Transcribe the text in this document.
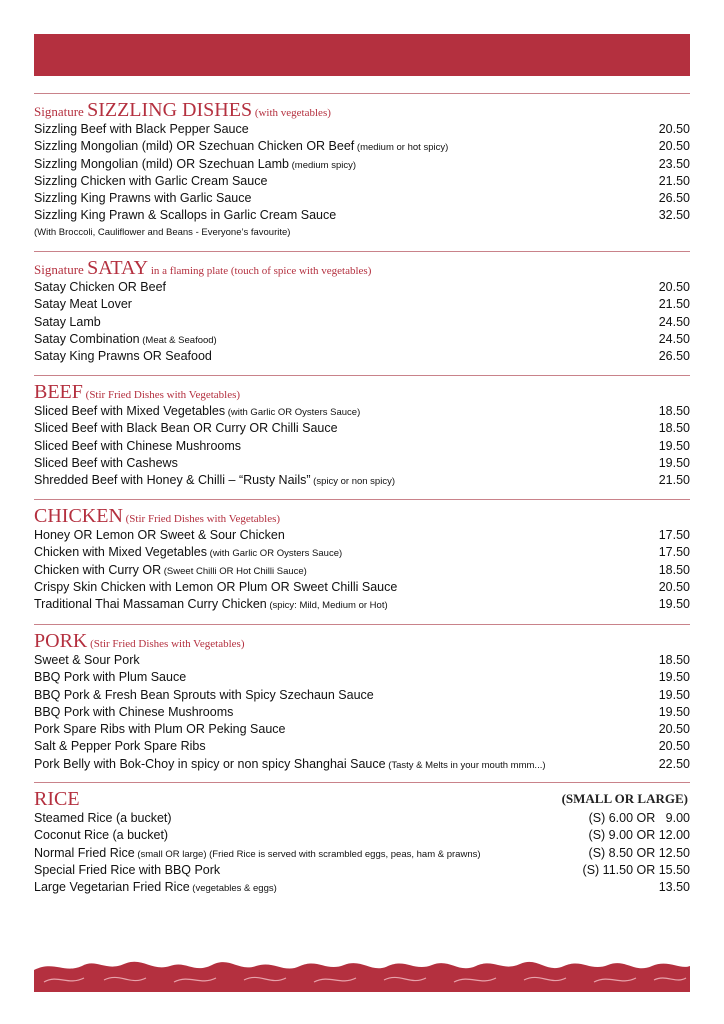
Signature SIZZLING DISHES (with vegetables)
Sizzling Beef with Black Pepper Sauce	20.50
Sizzling Mongolian (mild) OR Szechuan Chicken OR Beef (medium or hot spicy)	20.50
Sizzling Mongolian (mild) OR Szechuan Lamb (medium spicy)	23.50
Sizzling Chicken with Garlic Cream Sauce	21.50
Sizzling King Prawns with Garlic Sauce	26.50
Sizzling King Prawn & Scallops in Garlic Cream Sauce	32.50
(With Broccoli, Cauliflower and Beans - Everyone’s favourite)
Signature SATAY in a flaming plate (touch of spice with vegetables)
Satay Chicken OR Beef	20.50
Satay Meat Lover	21.50
Satay Lamb	24.50
Satay Combination (Meat & Seafood)	24.50
Satay King Prawns OR Seafood	26.50
BEEF (Stir Fried Dishes with Vegetables)
Sliced Beef with Mixed Vegetables (with Garlic OR Oysters Sauce)	18.50
Sliced Beef with Black Bean OR Curry OR Chilli Sauce	18.50
Sliced Beef with Chinese Mushrooms	19.50
Sliced Beef with Cashews	19.50
Shredded Beef with Honey & Chilli – “Rusty Nails” (spicy or non spicy)	21.50
CHICKEN (Stir Fried Dishes with Vegetables)
Honey OR Lemon OR Sweet & Sour Chicken	17.50
Chicken with Mixed Vegetables (with Garlic OR Oysters Sauce)	17.50
Chicken with Curry OR (Sweet Chilli OR Hot Chilli Sauce)	18.50
Crispy Skin Chicken with Lemon OR Plum OR Sweet Chilli Sauce	20.50
Traditional Thai Massaman Curry Chicken (spicy: Mild, Medium or Hot)	19.50
PORK (Stir Fried Dishes with Vegetables)
Sweet & Sour Pork	18.50
BBQ Pork with Plum Sauce	19.50
BBQ Pork & Fresh Bean Sprouts with Spicy Szechaun Sauce	19.50
BBQ Pork with Chinese Mushrooms	19.50
Pork Spare Ribs with Plum OR Peking Sauce	20.50
Salt & Pepper Pork Spare Ribs	20.50
Pork Belly with Bok-Choy in spicy or non spicy Shanghai Sauce (Tasty & Melts in your mouth mmm...)	22.50
RICE	(SMALL OR LARGE)
Steamed Rice (a bucket)	(S) 6.00 OR   9.00
Coconut Rice (a bucket)	(S) 9.00 OR 12.00
Normal Fried Rice (small OR large) (Fried Rice is served with scrambled eggs, peas, ham & prawns)	(S) 8.50 OR 12.50
Special Fried Rice with BBQ Pork	(S) 11.50 OR 15.50
Large Vegetarian Fried Rice (vegetables & eggs)	13.50
